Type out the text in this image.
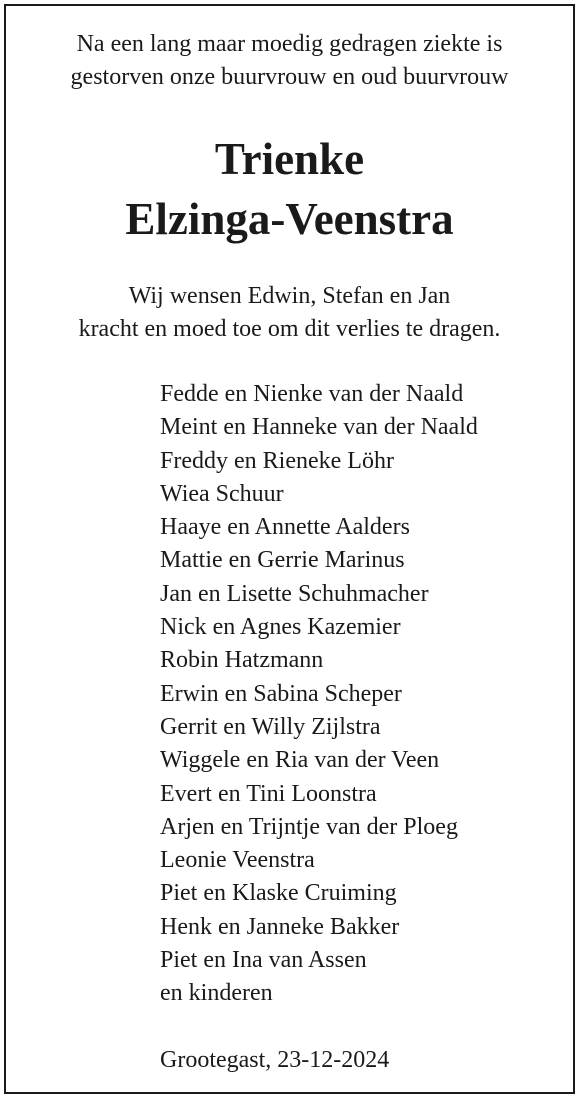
Na een lang maar moedig gedragen ziekte is
gestorven onze buurvrouw en oud buurvrouw
Trienke
Elzinga-Veenstra
Wij wensen Edwin, Stefan en Jan
kracht en moed toe om dit verlies te dragen.
Fedde en Nienke van der Naald
Meint en Hanneke van der Naald
Freddy en Rieneke Löhr
Wiea Schuur
Haaye en Annette Aalders
Mattie en Gerrie Marinus
Jan en Lisette Schuhmacher
Nick en Agnes Kazemier
Robin Hatzmann
Erwin en Sabina Scheper
Gerrit en Willy Zijlstra
Wiggele en Ria van der Veen
Evert en Tini Loonstra
Arjen en Trijntje van der Ploeg
Leonie Veenstra
Piet en Klaske Cruiming
Henk en Janneke Bakker
Piet en Ina van Assen
en kinderen
Grootegast, 23-12-2024
